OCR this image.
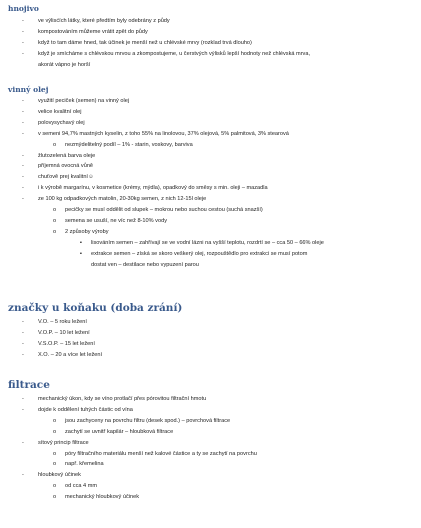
hnojivo
-	ve výlisćích látky, které předtím byly odebrány z půdy
-	kompostováním můžeme vrátit zpět do půdy
-	když to tam dáme hned, tak účinek je menší než u chlévské mrvy (rozklad trvá dlouho)
-	když je smícháme s chlévskou mrvou a zkompostujeme, u čerstvých výlisků lepší hodnoty než chlévská mrva,
akorát vápno je horší
vinný olej
-	využití peciček (semen) na vinný olej
-	velice kvalitní olej
-	polovysychavý olej
-	v semeni 94,7% mastných kyselin, z toho 55% na linolovou, 37% olejová, 5% palmitová, 3% stearová
o nezmýdelitelný podíl – 1% - starin, voskovy, barviva
-	žlutozelená barva oleje
-	příjemná ovocná vůně
-	chuťově prej kvalitní☺
-	i k výrobě margarínu, v kosmetice (krémy, mýdla), opadkový do směsy s min. oleji – mazadla
-	ze 100 kg odpadkových matolin, 20-30kg semen, z nich 12-15l oleje
o pecičky se musí oddělit od slupek – mokrou nebo suchou cestou (suchá snazší)
o semena se usuší, ne víc než 8-10% vody
o 2 způsoby výroby
▪ lisováním semen – zahřívají se ve vodní lázni na vyšší teplotu, rozdrtí se – cca 50 – 66% oleje
▪ extrakce semen – získá se skoro veškerý olej, rozpouštědlo pro extrakci se musí potom
dostat ven – destilace nebo vypuzení parou
značky u koňaku (doba zrání)
-	V.O. – 5 roku ležení
-	V.O.P. – 10 let ležení
-	V.S.O.P. – 15 let ležení
-	X.O. – 20 a více let ležení
filtrace
-	mechanický úkon, kdy se víno protlačí přes pórovitou filtrační hmotu
-	dojde k oddělení tuhých částic od vína
o jsou zachyceny na povrchu filtru (desek spod.) – povrchová filtrace
o zachytí se uvnitř kapilár – hloubková filtrace
-	sítový princip filtrace
o póry filtračního materiálu menší než kalové částice a ty se zachytí na povrchu
o např. křemelina
-	hloubkový účinek
o od cca 4 mm
o mechanický hloubkový účinek
